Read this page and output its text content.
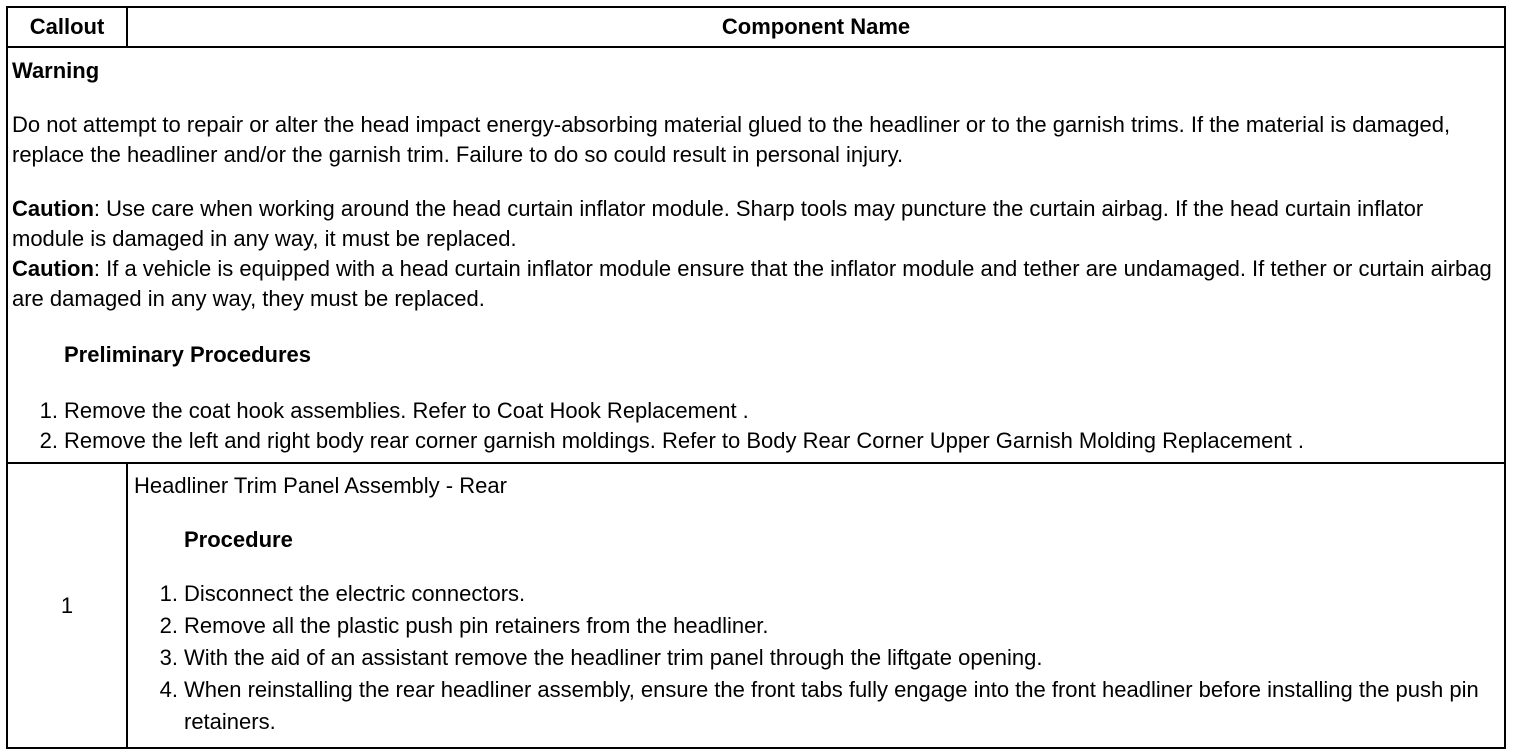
Callout	Component Name

Warning

Do not attempt to repair or alter the head impact energy-absorbing material glued to the headliner or to the garnish trims. If the material is damaged, replace the headliner and/or the garnish trim. Failure to do so could result in personal injury.

Caution: Use care when working around the head curtain inflator module. Sharp tools may puncture the curtain airbag. If the head curtain inflator module is damaged in any way, it must be replaced.

Caution: If a vehicle is equipped with a head curtain inflator module ensure that the inflator module and tether are undamaged. If tether or curtain airbag are damaged in any way, they must be replaced.

Preliminary Procedures

1. Remove the coat hook assemblies. Refer to Coat Hook Replacement .
2. Remove the left and right body rear corner garnish moldings. Refer to Body Rear Corner Upper Garnish Molding Replacement .
1
Headliner Trim Panel Assembly - Rear
Procedure
1. Disconnect the electric connectors.
2. Remove all the plastic push pin retainers from the headliner.
3. With the aid of an assistant remove the headliner trim panel through the liftgate opening.
4. When reinstalling the rear headliner assembly, ensure the front tabs fully engage into the front headliner before installing the push pin retainers.
